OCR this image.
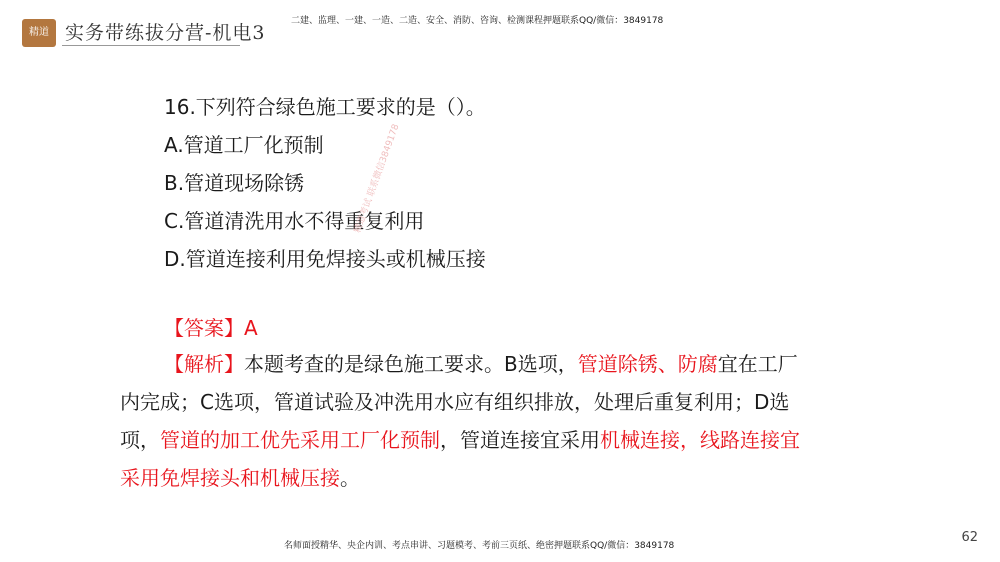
精道 实务带练拔分营-机电3
二建、监理、一建、一造、二造、安全、消防、咨询、检测课程押题联系QQ/微信：3849178
16.下列符合绿色施工要求的是（）。
A.管道工厂化预制
B.管道现场除锈
C.管道清洗用水不得重复利用
D.管道连接利用免焊接头或机械压接
【答案】A
【解析】本题考查的是绿色施工要求。B选项，管道除锈、防腐宜在工厂内完成；C选项，管道试验及冲洗用水应有组织排放，处理后重复利用；D选项，管道的加工优先采用工厂化预制，管道连接宜采用机械连接，线路连接宜采用免焊接头和机械压接。
精道考试 联系微信3849178
62
名师面授精华、央企内训、考点串讲、习题模考、考前三页纸、绝密押题联系QQ/微信：3849178
